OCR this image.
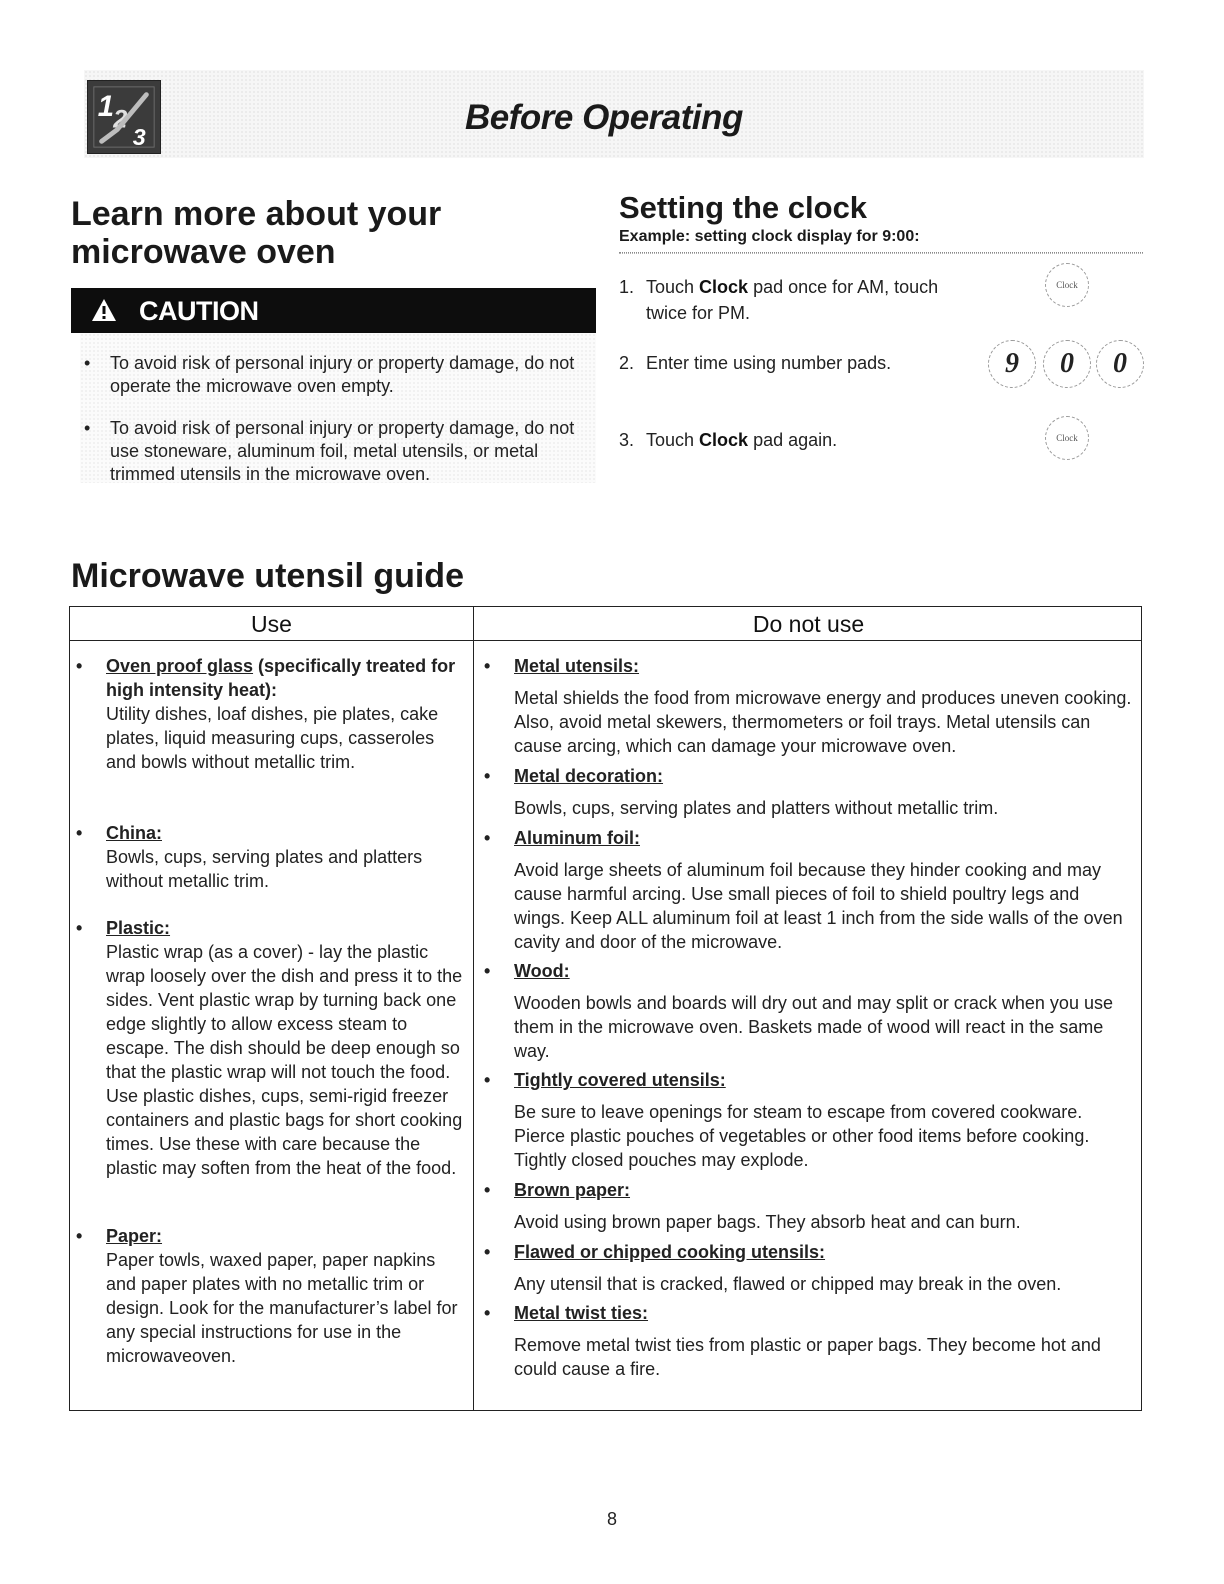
1 2
3
Before Operating
Learn more about your
microwave oven
CAUTION
•	To avoid risk of personal injury or property damage, do not operate the microwave oven empty.
•	To avoid risk of personal injury or property damage, do not use stoneware, aluminum foil, metal utensils, or metal trimmed utensils in the microwave oven.
Setting the clock
Example: setting clock display for 9:00:
1. Touch Clock pad once for AM, touch twice for PM.
2. Enter time using number pads.
3. Touch Clock pad again.
Clock
9 0 0
Clock
Microwave utensil guide
Use	Do not use
•	Oven proof glass (specifically treated for high intensity heat):
Utility dishes, loaf dishes, pie plates, cake plates, liquid measuring cups, casseroles and bowls without metallic trim.
•	China:
Bowls, cups, serving plates and platters without metallic trim.
•	Plastic:
Plastic wrap (as a cover) - lay the plastic wrap loosely over the dish and press it to the sides. Vent plastic wrap by turning back one edge slightly to allow excess steam to escape. The dish should be deep enough so that the plastic wrap will not touch the food. Use plastic dishes, cups, semi-rigid freezer containers and plastic bags for short cooking times. Use these with care because the plastic may soften from the heat of the food.
•	Paper:
Paper towls, waxed paper, paper napkins and paper plates with no metallic trim or design. Look for the manufacturer’s label for any special instructions for use in the microwaveoven.
•	Metal utensils:
Metal shields the food from microwave energy and produces uneven cooking. Also, avoid metal skewers, thermometers or foil trays. Metal utensils can cause arcing, which can damage your microwave oven.
•	Metal decoration:
Bowls, cups, serving plates and platters without metallic trim.
•	Aluminum foil:
Avoid large sheets of aluminum foil because they hinder cooking and may cause harmful arcing. Use small pieces of foil to shield poultry legs and wings. Keep ALL aluminum foil at least 1 inch from the side walls of the oven cavity and door of the microwave.
•	Wood:
Wooden bowls and boards will dry out and may split or crack when you use them in the microwave oven. Baskets made of wood will react in the same way.
•	Tightly covered utensils:
Be sure to leave openings for steam to escape from covered cookware. Pierce plastic pouches of vegetables or other food items before cooking. Tightly closed pouches may explode.
•	Brown paper:
Avoid using brown paper bags. They absorb heat and can burn.
•	Flawed or chipped cooking utensils:
Any utensil that is cracked, flawed or chipped may break in the oven.
•	Metal twist ties:
Remove metal twist ties from plastic or paper bags. They become hot and could cause a fire.
8
